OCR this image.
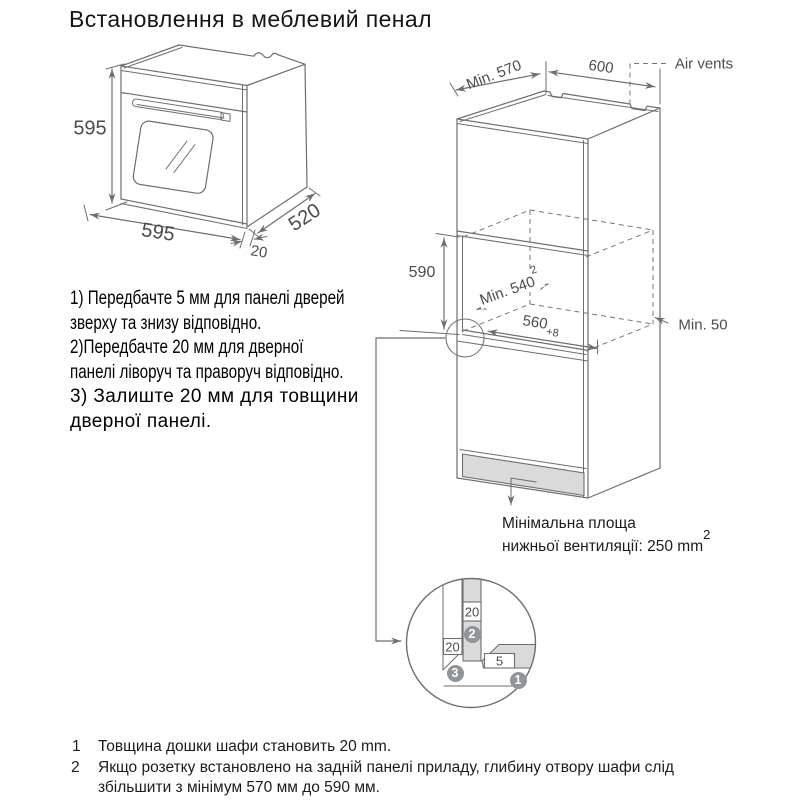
Встановлення в меблевий пенал
595
595	520
20
Min. 570	600	Air vents
590
Min. $540^2$
$560_{+8}$	Min. 50
1) Передбачте 5 мм для панелі дверей
зверху та знизу відповідно.
2)Передбачте 20 мм для дверної
панелі ліворуч та праворуч відповідно.
3) Залиште 20 мм для товщини
дверної панелі.
Мінімальна площа
нижньої вентиляції: 250 $mm^2$
20
20
5
2
3	1
1 Товщина дошки шафи становить 20 mm.
2 Якщо розетку встановлено на задній панелі приладу, глибину отвору шафи слід
збільшити з мінімум 570 мм до 590 мм.
